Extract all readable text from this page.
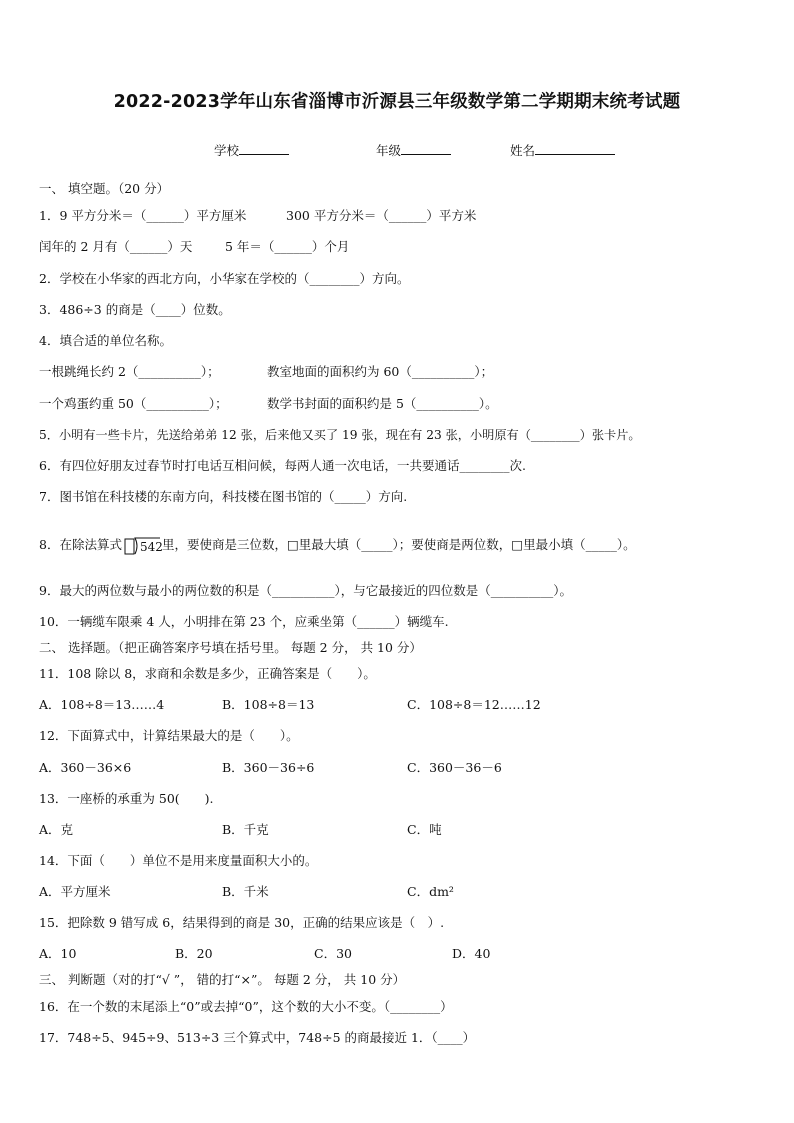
2022-2023学年山东省淄博市沂源县三年级数学第二学期期末统考试题
学校	年级	姓名
一、 填空题。（20 分）
1．9 平方分米＝（______）平方厘米	300 平方分米＝（______）平方米
闰年的 2 月有（______）天	5 年＝（______）个月
2．学校在小华家的西北方向，小华家在学校的（________）方向。
3．486÷3 的商是（____）位数。
4．填合适的单位名称。
一根跳绳长约 2（__________）；	教室地面的面积约为 60（__________）；
一个鸡蛋约重 50（__________）；	数学书封面的面积约是 5（__________）。
5．小明有一些卡片，先送给弟弟 12 张，后来他又买了 19 张，现在有 23 张，小明原有（________）张卡片。
6．有四位好朋友过春节时打电话互相问候，每两人通一次电话，一共要通话________次.
7．图书馆在科技楼的东南方向，科技楼在图书馆的（_____）方向.
8．在除法算式 542 里，要使商是三位数，□里最大填（_____）；要使商是两位数，□里最小填（_____）。
9．最大的两位数与最小的两位数的积是（__________），与它最接近的四位数是（__________）。
10．一辆缆车限乘 4 人，小明排在第 23 个，应乘坐第（______）辆缆车.
二、 选择题。（把正确答案序号填在括号里。 每题 2 分， 共 10 分）
11．108 除以 8，求商和余数是多少，正确答案是（　　）。
A．108÷8＝13……4	B．108÷8＝13	C．108÷8＝12……12
12．下面算式中，计算结果最大的是（　　）。
A．360－36×6	B．360－36÷6	C．360－36－6
13．一座桥的承重为 50(　　).
A．克	B．千克	C．吨
14．下面（　　）单位不是用来度量面积大小的。
A．平方厘米	B．千米	C．dm²
15．把除数 9 错写成 6，结果得到的商是 30，正确的结果应该是（　）.
A．10	B．20	C．30	D．40
三、 判断题（对的打“√ ”， 错的打“×”。 每题 2 分， 共 10 分）
16．在一个数的末尾添上“0”或去掉“0”，这个数的大小不变。（________）
17．748÷5、945÷9、513÷3 三个算式中，748÷5 的商最接近 1．（____）
